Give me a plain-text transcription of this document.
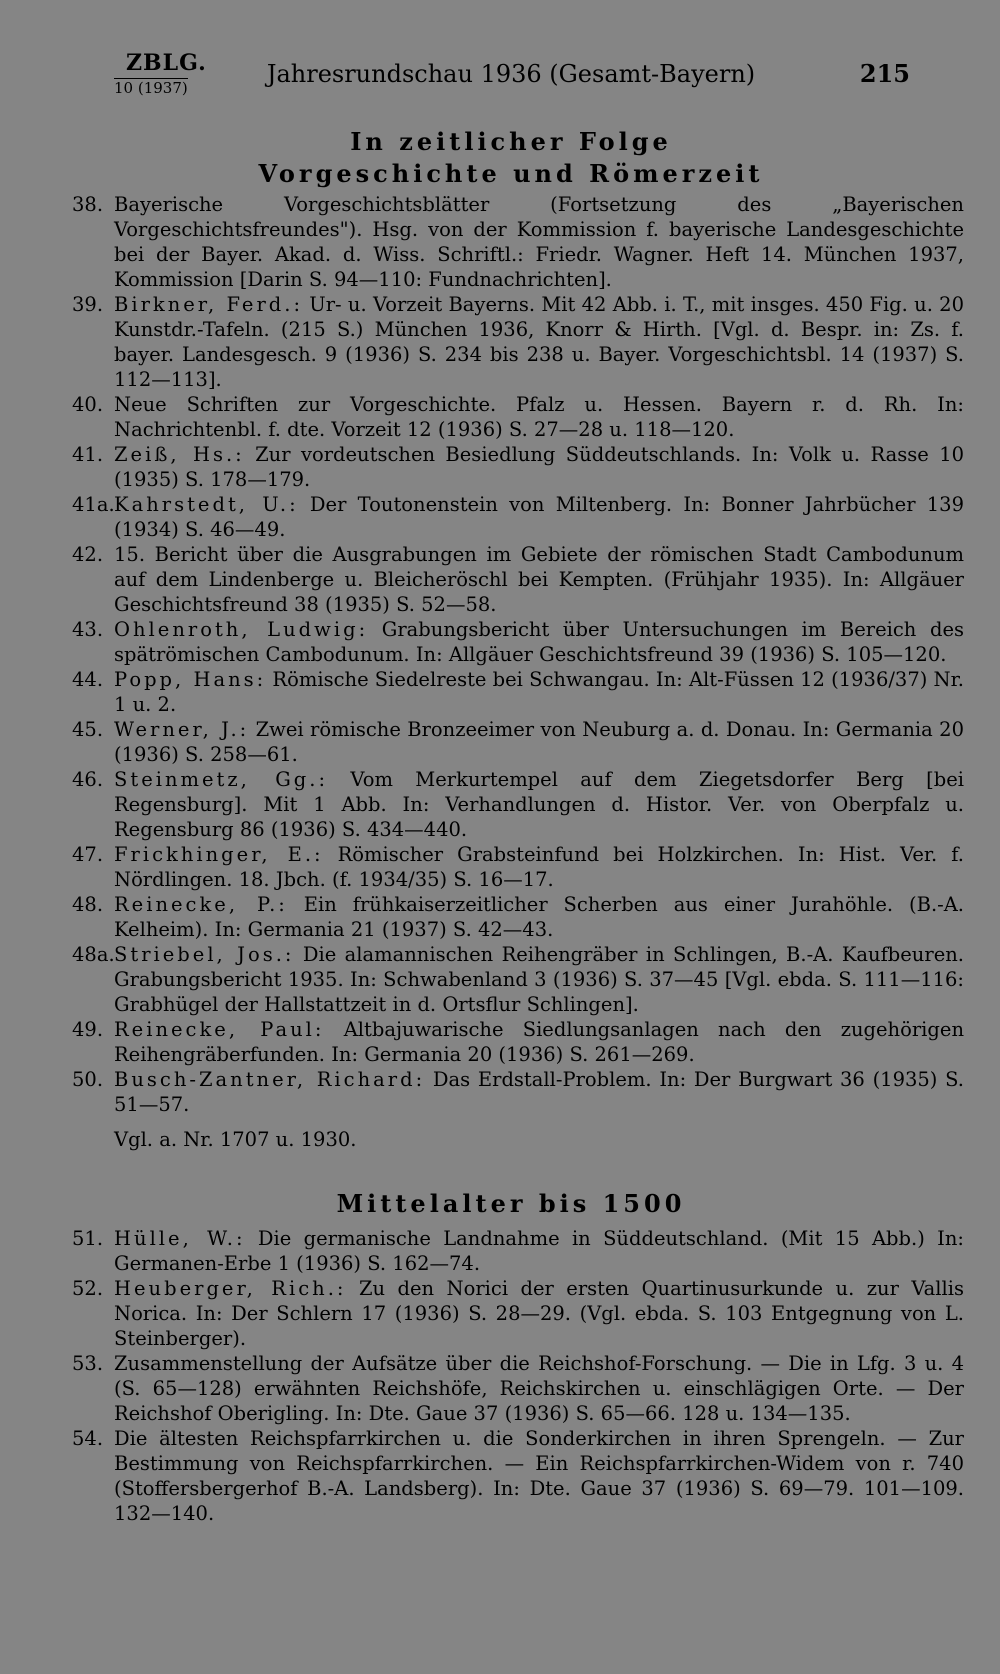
ZBLG.
10 (1937)	Jahresrundschau 1936 (Gesamt-Bayern)	215
In zeitlicher Folge
Vorgeschichte und Römerzeit
38. Bayerische Vorgeschichtsblätter (Fortsetzung des „Bayerischen Vorgeschichtsfreundes"). Hsg. von der Kommission f. bayerische Landesgeschichte bei der Bayer. Akad. d. Wiss. Schriftl.: Friedr. Wagner. Heft 14. München 1937, Kommission [Darin S. 94—110: Fundnachrichten].
39. Birkner, Ferd.: Ur- u. Vorzeit Bayerns. Mit 42 Abb. i. T., mit insges. 450 Fig. u. 20 Kunstdr.-Tafeln. (215 S.) München 1936, Knorr & Hirth. [Vgl. d. Bespr. in: Zs. f. bayer. Landesgesch. 9 (1936) S. 234 bis 238 u. Bayer. Vorgeschichtsbl. 14 (1937) S. 112—113].
40. Neue Schriften zur Vorgeschichte. Pfalz u. Hessen. Bayern r. d. Rh. In: Nachrichtenbl. f. dte. Vorzeit 12 (1936) S. 27—28 u. 118—120.
41. Zeiß, Hs.: Zur vordeutschen Besiedlung Süddeutschlands. In: Volk u. Rasse 10 (1935) S. 178—179.
41a. Kahrstedt, U.: Der Toutonenstein von Miltenberg. In: Bonner Jahrbücher 139 (1934) S. 46—49.
42. 15. Bericht über die Ausgrabungen im Gebiete der römischen Stadt Cambodunum auf dem Lindenberge u. Bleicheröschl bei Kempten. (Frühjahr 1935). In: Allgäuer Geschichtsfreund 38 (1935) S. 52—58.
43. Ohlenroth, Ludwig: Grabungsbericht über Untersuchungen im Bereich des spätrömischen Cambodunum. In: Allgäuer Geschichtsfreund 39 (1936) S. 105—120.
44. Popp, Hans: Römische Siedelreste bei Schwangau. In: Alt-Füssen 12 (1936/37) Nr. 1 u. 2.
45. Werner, J.: Zwei römische Bronzeeimer von Neuburg a. d. Donau. In: Germania 20 (1936) S. 258—61.
46. Steinmetz, Gg.: Vom Merkurtempel auf dem Ziegetsdorfer Berg [bei Regensburg]. Mit 1 Abb. In: Verhandlungen d. Histor. Ver. von Oberpfalz u. Regensburg 86 (1936) S. 434—440.
47. Frickhinger, E.: Römischer Grabsteinfund bei Holzkirchen. In: Hist. Ver. f. Nördlingen. 18. Jbch. (f. 1934/35) S. 16—17.
48. Reinecke, P.: Ein frühkaiserzeitlicher Scherben aus einer Jurahöhle. (B.-A. Kelheim). In: Germania 21 (1937) S. 42—43.
48a. Striebel, Jos.: Die alamannischen Reihengräber in Schlingen, B.-A. Kaufbeuren. Grabungsbericht 1935. In: Schwabenland 3 (1936) S. 37—45 [Vgl. ebda. S. 111—116: Grabhügel der Hallstattzeit in d. Ortsflur Schlingen].
49. Reinecke, Paul: Altbajuwarische Siedlungsanlagen nach den zugehörigen Reihengräberfunden. In: Germania 20 (1936) S. 261—269.
50. Busch-Zantner, Richard: Das Erdstall-Problem. In: Der Burgwart 36 (1935) S. 51—57.
Vgl. a. Nr. 1707 u. 1930.
Mittelalter bis 1500
51. Hülle, W.: Die germanische Landnahme in Süddeutschland. (Mit 15 Abb.) In: Germanen-Erbe 1 (1936) S. 162—74.
52. Heuberger, Rich.: Zu den Norici der ersten Quartinusurkunde u. zur Vallis Norica. In: Der Schlern 17 (1936) S. 28—29. (Vgl. ebda. S. 103 Entgegnung von L. Steinberger).
53. Zusammenstellung der Aufsätze über die Reichshof-Forschung. — Die in Lfg. 3 u. 4 (S. 65—128) erwähnten Reichshöfe, Reichskirchen u. einschlägigen Orte. — Der Reichshof Oberigling. In: Dte. Gaue 37 (1936) S. 65—66. 128 u. 134—135.
54. Die ältesten Reichspfarrkirchen u. die Sonderkirchen in ihren Sprengeln. — Zur Bestimmung von Reichspfarrkirchen. — Ein Reichspfarrkirchen-Widem von r. 740 (Stoffersbergerhof B.-A. Landsberg). In: Dte. Gaue 37 (1936) S. 69—79. 101—109. 132—140.
